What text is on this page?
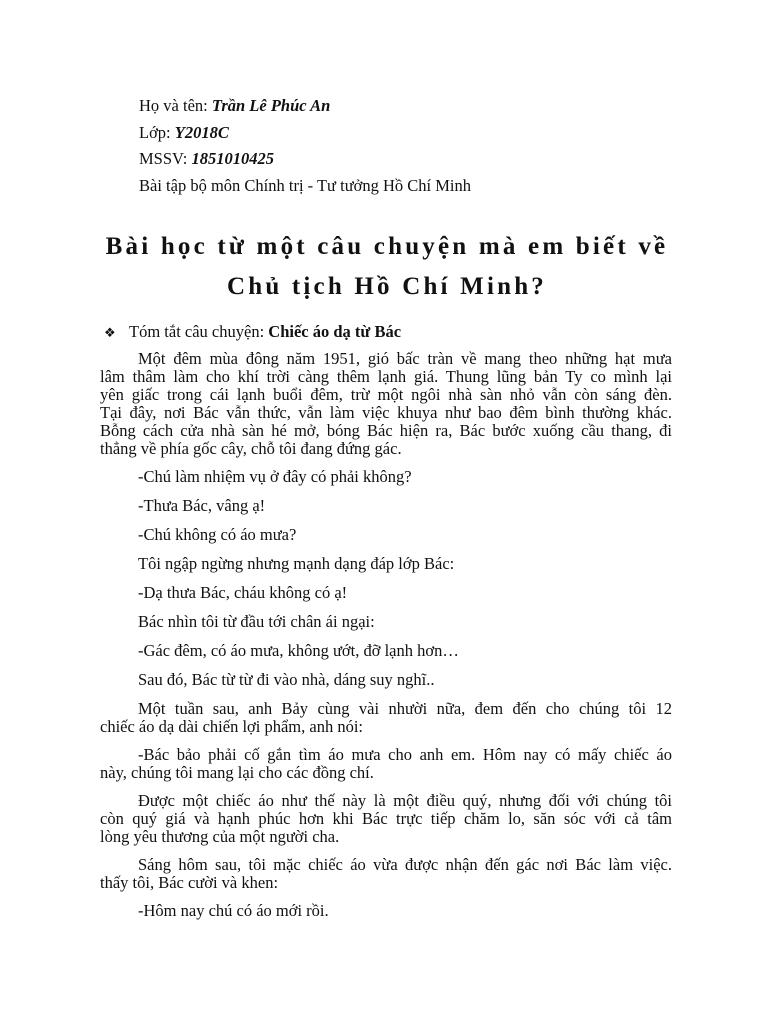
Họ và tên: Trần Lê Phúc An
Lớp: Y2018C
MSSV: 1851010425
Bài tập bộ môn Chính trị - Tư tưởng Hồ Chí Minh
Bài học từ một câu chuyện mà em biết về
Chủ tịch Hồ Chí Minh?
❖ Tóm tắt câu chuyện: Chiếc áo dạ từ Bác
Một đêm mùa đông năm 1951, gió bấc tràn về mang theo những hạt mưa
lâm thâm làm cho khí trời càng thêm lạnh giá. Thung lũng bản Ty co mình lại
yên giấc trong cái lạnh buổi đêm, trừ một ngôi nhà sàn nhỏ vẫn còn sáng đèn.
Tại đây, nơi Bác vẫn thức, vẫn làm việc khuya như bao đêm bình thường khác.
Bỗng cách cửa nhà sàn hé mở, bóng Bác hiện ra, Bác bước xuống cầu thang, đi
thẳng về phía gốc cây, chỗ tôi đang đứng gác.
-Chú làm nhiệm vụ ở đây có phải không?
-Thưa Bác, vâng ạ!
-Chú không có áo mưa?
Tôi ngập ngừng nhưng mạnh dạng đáp lớp Bác:
-Dạ thưa Bác, cháu không có ạ!
Bác nhìn tôi từ đầu tới chân ái ngại:
-Gác đêm, có áo mưa, không ướt, đỡ lạnh hơn…
Sau đó, Bác từ từ đi vào nhà, dáng suy nghĩ..
Một tuần sau, anh Bảy cùng vài nhười nữa, đem đến cho chúng tôi 12
chiếc áo dạ dài chiến lợi phẩm, anh nói:
-Bác bảo phải cố gắn tìm áo mưa cho anh em. Hôm nay có mấy chiếc áo
này, chúng tôi mang lại cho các đồng chí.
Được một chiếc áo như thế này là một điều quý, nhưng đối với chúng tôi
còn quý giá và hạnh phúc hơn khi Bác trực tiếp chăm lo, săn sóc với cả tâm
lòng yêu thương của một người cha.
Sáng hôm sau, tôi mặc chiếc áo vừa được nhận đến gác nơi Bác làm việc.
thấy tôi, Bác cười và khen:
-Hôm nay chú có áo mới rồi.
